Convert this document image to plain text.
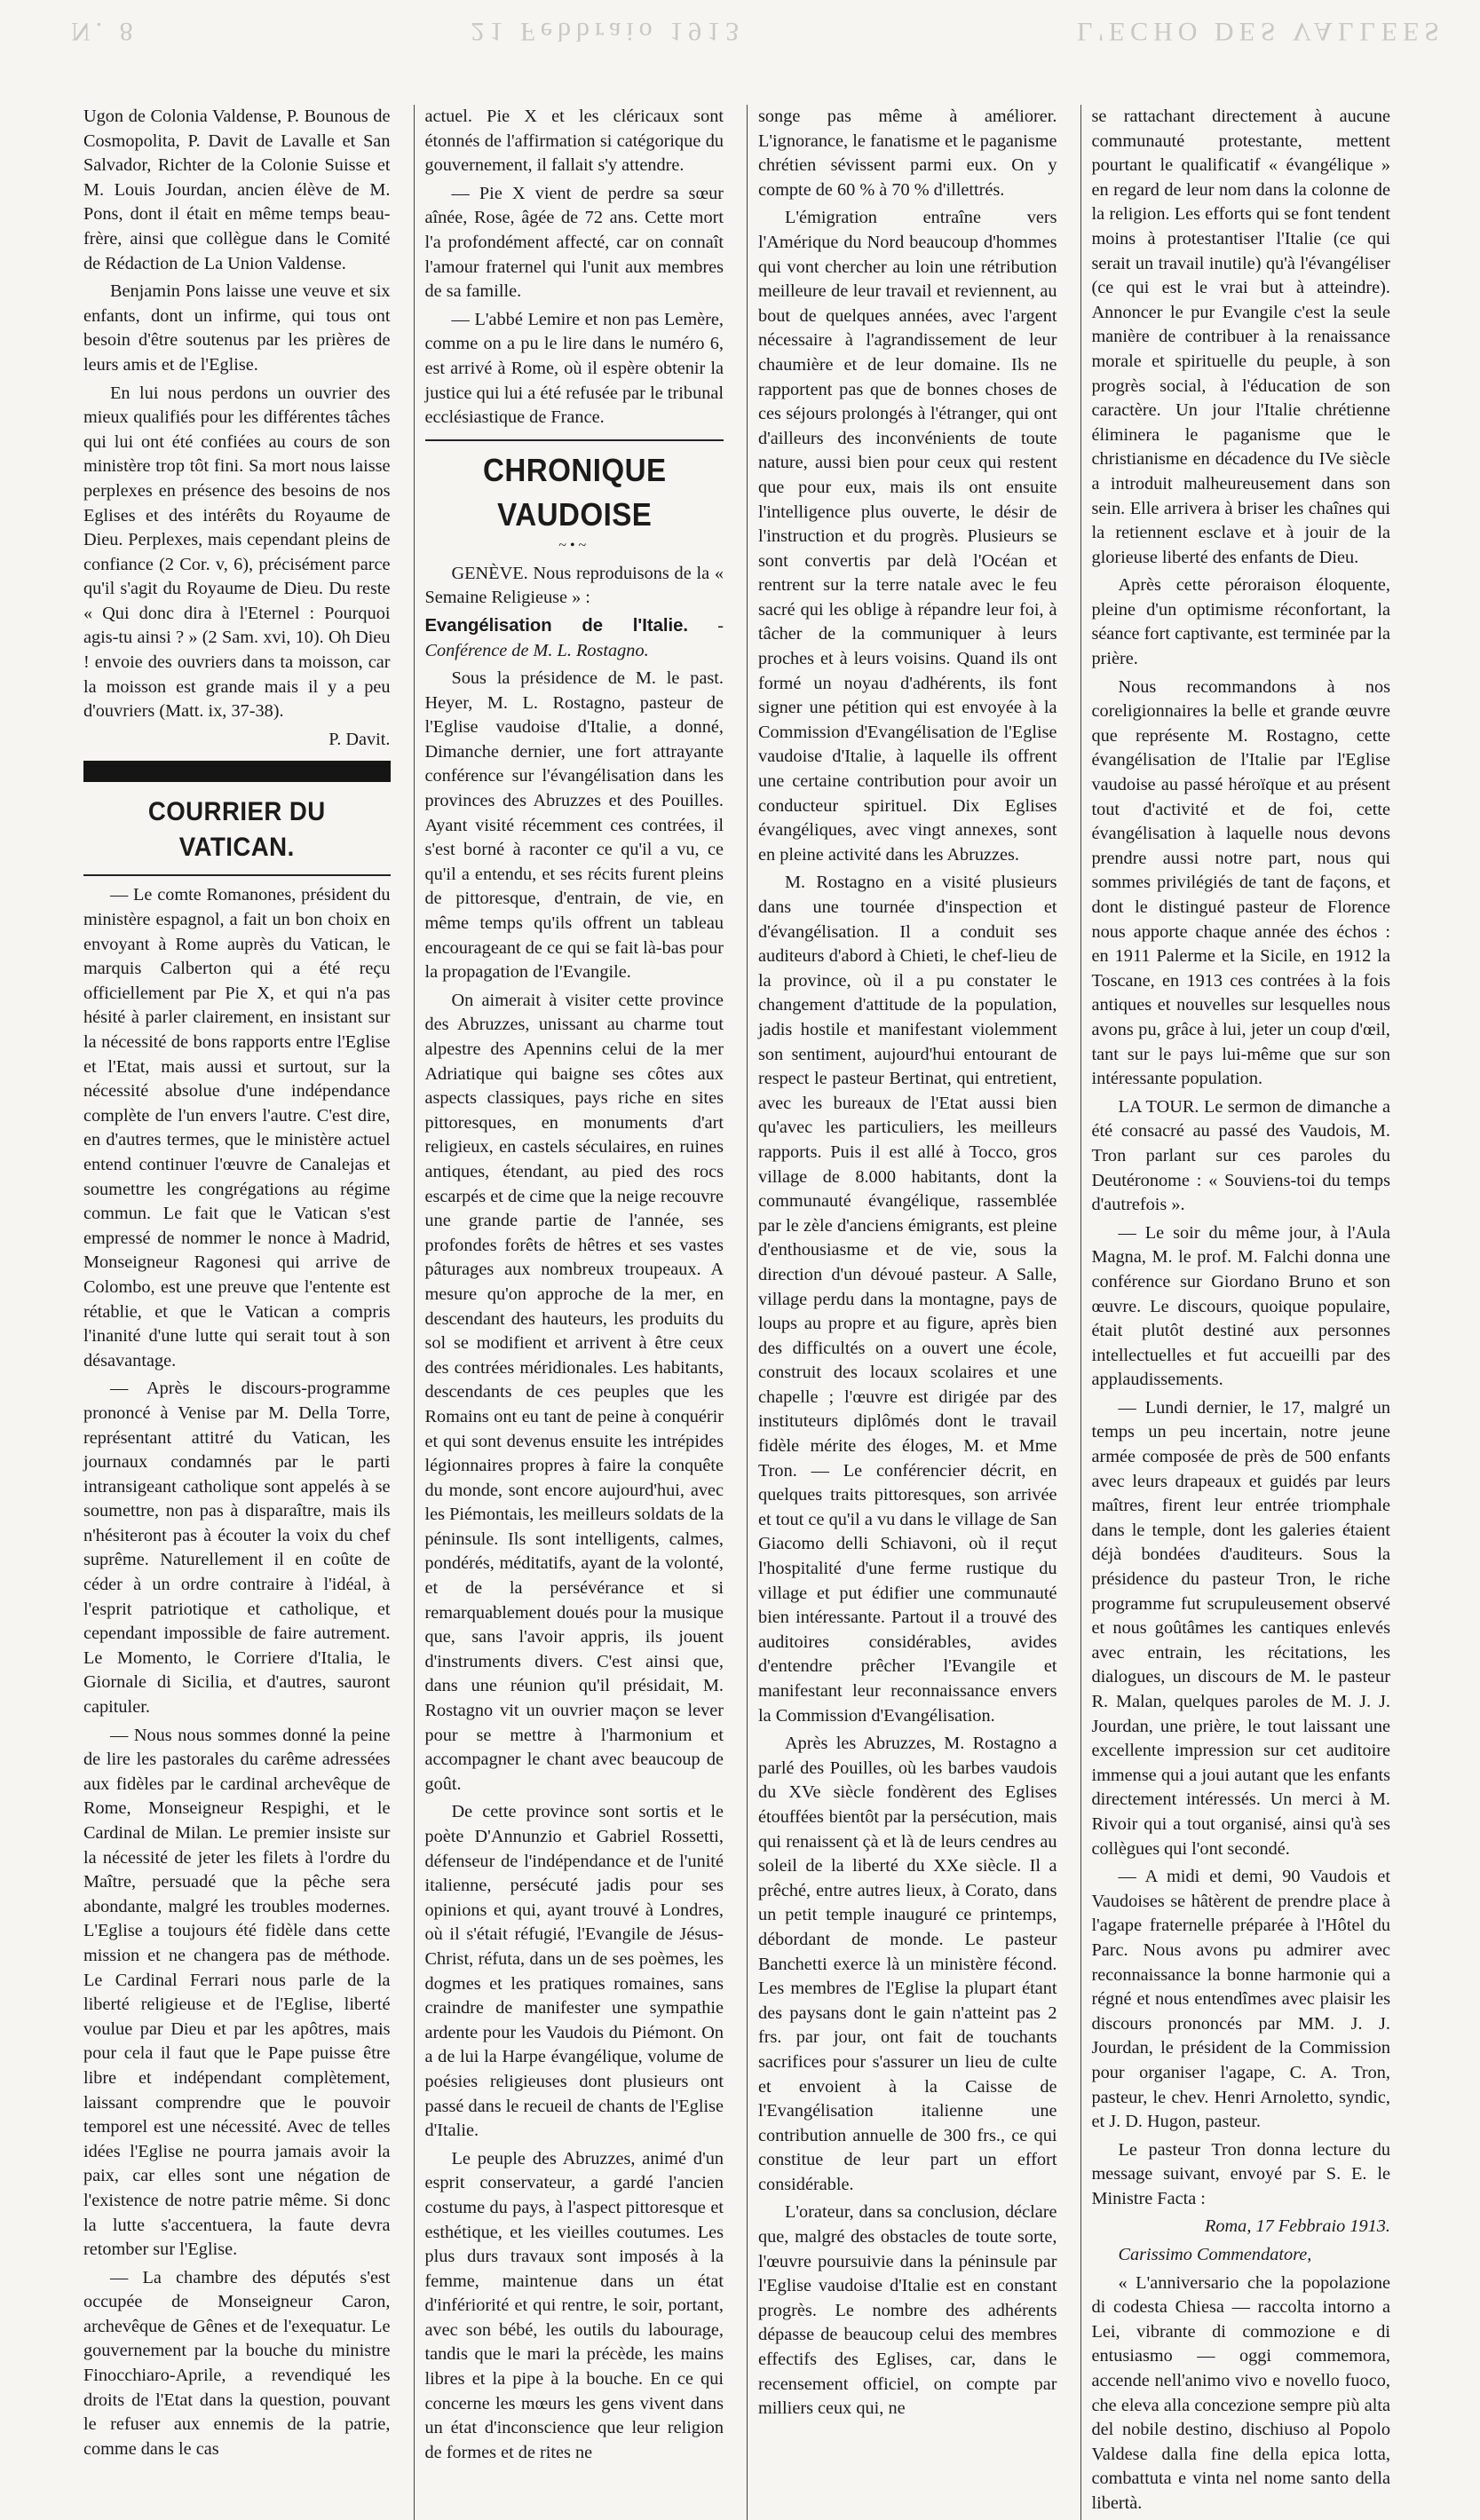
N. 8	21 Febbraio 1913	L'ECHO DES VALLEES

Ugon de Colonia Valdense, P. Bounous de Cosmopolita, P. Davit de Lavalle et San Salvador, Richter de la Colonie Suisse et M. Louis Jourdan, ancien élève de M. Pons, dont il était en même temps beau-frère, ainsi que collègue dans le Comité de Rédaction de La Union Valdense.

Benjamin Pons laisse une veuve et six enfants, dont un infirme, qui tous ont besoin d'être soutenus par les prières de leurs amis et de l'Eglise.

En lui nous perdons un ouvrier des mieux qualifiés pour les différentes tâches qui lui ont été confiées au cours de son ministère trop tôt fini. Sa mort nous laisse perplexes en présence des besoins de nos Eglises et des intérêts du Royaume de Dieu. Perplexes, mais cependant pleins de confiance (2 Cor. v, 6), précisément parce qu'il s'agit du Royaume de Dieu. Du reste « Qui donc dira à l'Eternel : Pourquoi agis-tu ainsi ? » (2 Sam. xvi, 10). Oh Dieu ! envoie des ouvriers dans ta moisson, car la moisson est grande mais il y a peu d'ouvriers (Matt. ix, 37-38).

P. Davit.
COURRIER DU VATICAN.

— Le comte Romanones, président du ministère espagnol, a fait un bon choix en envoyant à Rome auprès du Vatican, le marquis Calberton qui a été reçu officiellement par Pie X, et qui n'a pas hésité à parler clairement, en insistant sur la nécessité de bons rapports entre l'Eglise et l'Etat, mais aussi et surtout, sur la nécessité absolue d'une indépendance complète de l'un envers l'autre. C'est dire, en d'autres termes, que le ministère actuel entend continuer l'œuvre de Canalejas et soumettre les congrégations au régime commun. Le fait que le Vatican s'est empressé de nommer le nonce à Madrid, Monseigneur Ragonesi qui arrive de Colombo, est une preuve que l'entente est rétablie, et que le Vatican a compris l'inanité d'une lutte qui serait tout à son désavantage.

— Après le discours-programme prononcé à Venise par M. Della Torre, représentant attitré du Vatican, les journaux condamnés par le parti intransigeant catholique sont appelés à se soumettre, non pas à disparaître, mais ils n'hésiteront pas à écouter la voix du chef suprême. Naturellement il en coûte de céder à un ordre contraire à l'idéal, à l'esprit patriotique et catholique, et cependant impossible de faire autrement. Le Momento, le Corriere d'Italia, le Giornale di Sicilia, et d'autres, sauront capituler.

— Nous nous sommes donné la peine de lire les pastorales du carême adressées aux fidèles par le cardinal archevêque de Rome, Monseigneur Respighi, et le Cardinal de Milan. Le premier insiste sur la nécessité de jeter les filets à l'ordre du Maître, persuadé que la pêche sera abondante, malgré les troubles modernes. L'Eglise a toujours été fidèle dans cette mission et ne changera pas de méthode. Le Cardinal Ferrari nous parle de la liberté religieuse et de l'Eglise, liberté voulue par Dieu et par les apôtres, mais pour cela il faut que le Pape puisse être libre et indépendant complètement, laissant comprendre que le pouvoir temporel est une nécessité. Avec de telles idées l'Eglise ne pourra jamais avoir la paix, car elles sont une négation de l'existence de notre patrie même. Si donc la lutte s'accentuera, la faute devra retomber sur l'Eglise.

— La chambre des députés s'est occupée de Monseigneur Caron, archevêque de Gênes et de l'exequatur. Le gouvernement par la bouche du ministre Finocchiaro-Aprile, a revendiqué les droits de l'Etat dans la question, pouvant le refuser aux ennemis de la patrie, comme dans le cas

actuel. Pie X et les cléricaux sont étonnés de l'affirmation si catégorique du gouvernement, il fallait s'y attendre.

— Pie X vient de perdre sa sœur aînée, Rose, âgée de 72 ans. Cette mort l'a profondément affecté, car on connaît l'amour fraternel qui l'unit aux membres de sa famille.

— L'abbé Lemire et non pas Lemère, comme on a pu le lire dans le numéro 6, est arrivé à Rome, où il espère obtenir la justice qui lui a été refusée par le tribunal ecclésiastique de France.

CHRONIQUE VAUDOISE
~•~

GENÈVE. Nous reproduisons de la « Semaine Religieuse » :

Evangélisation de l'Italie. - Conférence de M. L. Rostagno.

Sous la présidence de M. le past. Heyer, M. L. Rostagno, pasteur de l'Eglise vaudoise d'Italie, a donné, Dimanche dernier, une fort attrayante conférence sur l'évangélisation dans les provinces des Abruzzes et des Pouilles. Ayant visité récemment ces contrées, il s'est borné à raconter ce qu'il a vu, ce qu'il a entendu, et ses récits furent pleins de pittoresque, d'entrain, de vie, en même temps qu'ils offrent un tableau encourageant de ce qui se fait là-bas pour la propagation de l'Evangile.

On aimerait à visiter cette province des Abruzzes, unissant au charme tout alpestre des Apennins celui de la mer Adriatique qui baigne ses côtes aux aspects classiques, pays riche en sites pittoresques, en monuments d'art religieux, en castels séculaires, en ruines antiques, étendant, au pied des rocs escarpés et de cime que la neige recouvre une grande partie de l'année, ses profondes forêts de hêtres et ses vastes pâturages aux nombreux troupeaux. A mesure qu'on approche de la mer, en descendant des hauteurs, les produits du sol se modifient et arrivent à être ceux des contrées méridionales. Les habitants, descendants de ces peuples que les Romains ont eu tant de peine à conquérir et qui sont devenus ensuite les intrépides légionnaires propres à faire la conquête du monde, sont encore aujourd'hui, avec les Piémontais, les meilleurs soldats de la péninsule. Ils sont intelligents, calmes, pondérés, méditatifs, ayant de la volonté, et de la persévérance et si remarquablement doués pour la musique que, sans l'avoir appris, ils jouent d'instruments divers. C'est ainsi que, dans une réunion qu'il présidait, M. Rostagno vit un ouvrier maçon se lever pour se mettre à l'harmonium et accompagner le chant avec beaucoup de goût.

De cette province sont sortis et le poète D'Annunzio et Gabriel Rossetti, défenseur de l'indépendance et de l'unité italienne, persécuté jadis pour ses opinions et qui, ayant trouvé à Londres, où il s'était réfugié, l'Evangile de Jésus-Christ, réfuta, dans un de ses poèmes, les dogmes et les pratiques romaines, sans craindre de manifester une sympathie ardente pour les Vaudois du Piémont. On a de lui la Harpe évangélique, volume de poésies religieuses dont plusieurs ont passé dans le recueil de chants de l'Eglise d'Italie.

Le peuple des Abruzzes, animé d'un esprit conservateur, a gardé l'ancien costume du pays, à l'aspect pittoresque et esthétique, et les vieilles coutumes. Les plus durs travaux sont imposés à la femme, maintenue dans un état d'infériorité et qui rentre, le soir, portant, avec son bébé, les outils du labourage, tandis que le mari la précède, les mains libres et la pipe à la bouche. En ce qui concerne les mœurs les gens vivent dans un état d'inconscience que leur religion de formes et de rites ne

songe pas même à améliorer. L'ignorance, le fanatisme et le paganisme chrétien sévissent parmi eux. On y compte de 60 % à 70 % d'illettrés.

L'émigration entraîne vers l'Amérique du Nord beaucoup d'hommes qui vont chercher au loin une rétribution meilleure de leur travail et reviennent, au bout de quelques années, avec l'argent nécessaire à l'agrandissement de leur chaumière et de leur domaine. Ils ne rapportent pas que de bonnes choses de ces séjours prolongés à l'étranger, qui ont d'ailleurs des inconvénients de toute nature, aussi bien pour ceux qui restent que pour eux, mais ils ont ensuite l'intelligence plus ouverte, le désir de l'instruction et du progrès. Plusieurs se sont convertis par delà l'Océan et rentrent sur la terre natale avec le feu sacré qui les oblige à répandre leur foi, à tâcher de la communiquer à leurs proches et à leurs voisins. Quand ils ont formé un noyau d'adhérents, ils font signer une pétition qui est envoyée à la Commission d'Evangélisation de l'Eglise vaudoise d'Italie, à laquelle ils offrent une certaine contribution pour avoir un conducteur spirituel. Dix Eglises évangéliques, avec vingt annexes, sont en pleine activité dans les Abruzzes.

M. Rostagno en a visité plusieurs dans une tournée d'inspection et d'évangélisation. Il a conduit ses auditeurs d'abord à Chieti, le chef-lieu de la province, où il a pu constater le changement d'attitude de la population, jadis hostile et manifestant violemment son sentiment, aujourd'hui entourant de respect le pasteur Bertinat, qui entretient, avec les bureaux de l'Etat aussi bien qu'avec les particuliers, les meilleurs rapports. Puis il est allé à Tocco, gros village de 8.000 habitants, dont la communauté évangélique, rassemblée par le zèle d'anciens émigrants, est pleine d'enthousiasme et de vie, sous la direction d'un dévoué pasteur. A Salle, village perdu dans la montagne, pays de loups au propre et au figure, après bien des difficultés on a ouvert une école, construit des locaux scolaires et une chapelle ; l'œuvre est dirigée par des instituteurs diplômés dont le travail fidèle mérite des éloges, M. et Mme Tron. — Le conférencier décrit, en quelques traits pittoresques, son arrivée et tout ce qu'il a vu dans le village de San Giacomo delli Schiavoni, où il reçut l'hospitalité d'une ferme rustique du village et put édifier une communauté bien intéressante. Partout il a trouvé des auditoires considérables, avides d'entendre prêcher l'Evangile et manifestant leur reconnaissance envers la Commission d'Evangélisation.

Après les Abruzzes, M. Rostagno a parlé des Pouilles, où les barbes vaudois du XVe siècle fondèrent des Eglises étouffées bientôt par la persécution, mais qui renaissent çà et là de leurs cendres au soleil de la liberté du XXe siècle. Il a prêché, entre autres lieux, à Corato, dans un petit temple inauguré ce printemps, débordant de monde. Le pasteur Banchetti exerce là un ministère fécond. Les membres de l'Eglise la plupart étant des paysans dont le gain n'atteint pas 2 frs. par jour, ont fait de touchants sacrifices pour s'assurer un lieu de culte et envoient à la Caisse de l'Evangélisation italienne une contribution annuelle de 300 frs., ce qui constitue de leur part un effort considérable.

L'orateur, dans sa conclusion, déclare que, malgré des obstacles de toute sorte, l'œuvre poursuivie dans la péninsule par l'Eglise vaudoise d'Italie est en constant progrès. Le nombre des adhérents dépasse de beaucoup celui des membres effectifs des Eglises, car, dans le recensement officiel, on compte par milliers ceux qui, ne

se rattachant directement à aucune communauté protestante, mettent pourtant le qualificatif « évangélique » en regard de leur nom dans la colonne de la religion. Les efforts qui se font tendent moins à protestantiser l'Italie (ce qui serait un travail inutile) qu'à l'évangéliser (ce qui est le vrai but à atteindre). Annoncer le pur Evangile c'est la seule manière de contribuer à la renaissance morale et spirituelle du peuple, à son progrès social, à l'éducation de son caractère. Un jour l'Italie chrétienne éliminera le paganisme que le christianisme en décadence du IVe siècle a introduit malheureusement dans son sein. Elle arrivera à briser les chaînes qui la retiennent esclave et à jouir de la glorieuse liberté des enfants de Dieu.

Après cette péroraison éloquente, pleine d'un optimisme réconfortant, la séance fort captivante, est terminée par la prière.

Nous recommandons à nos coreligionnaires la belle et grande œuvre que représente M. Rostagno, cette évangélisation de l'Italie par l'Eglise vaudoise au passé héroïque et au présent tout d'activité et de foi, cette évangélisation à laquelle nous devons prendre aussi notre part, nous qui sommes privilégiés de tant de façons, et dont le distingué pasteur de Florence nous apporte chaque année des échos : en 1911 Palerme et la Sicile, en 1912 la Toscane, en 1913 ces contrées à la fois antiques et nouvelles sur lesquelles nous avons pu, grâce à lui, jeter un coup d'œil, tant sur le pays lui-même que sur son intéressante population.

LA TOUR. Le sermon de dimanche a été consacré au passé des Vaudois, M. Tron parlant sur ces paroles du Deutéronome : « Souviens-toi du temps d'autrefois ».

— Le soir du même jour, à l'Aula Magna, M. le prof. M. Falchi donna une conférence sur Giordano Bruno et son œuvre. Le discours, quoique populaire, était plutôt destiné aux personnes intellectuelles et fut accueilli par des applaudissements.

— Lundi dernier, le 17, malgré un temps un peu incertain, notre jeune armée composée de près de 500 enfants avec leurs drapeaux et guidés par leurs maîtres, firent leur entrée triomphale dans le temple, dont les galeries étaient déjà bondées d'auditeurs. Sous la présidence du pasteur Tron, le riche programme fut scrupuleusement observé et nous goûtâmes les cantiques enlevés avec entrain, les récitations, les dialogues, un discours de M. le pasteur R. Malan, quelques paroles de M. J. J. Jourdan, une prière, le tout laissant une excellente impression sur cet auditoire immense qui a joui autant que les enfants directement intéressés. Un merci à M. Rivoir qui a tout organisé, ainsi qu'à ses collègues qui l'ont secondé.

— A midi et demi, 90 Vaudois et Vaudoises se hâtèrent de prendre place à l'agape fraternelle préparée à l'Hôtel du Parc. Nous avons pu admirer avec reconnaissance la bonne harmonie qui a régné et nous entendîmes avec plaisir les discours prononcés par MM. J. J. Jourdan, le président de la Commission pour organiser l'agape, C. A. Tron, pasteur, le chev. Henri Arnoletto, syndic, et J. D. Hugon, pasteur.

Le pasteur Tron donna lecture du message suivant, envoyé par S. E. le Ministre Facta :

Roma, 17 Febbraio 1913.

Carissimo Commendatore,

« L'anniversario che la popolazione di codesta Chiesa — raccolta intorno a Lei, vibrante di commozione e di entusiasmo — oggi commemora, accende nell'animo vivo e novello fuoco, che eleva alla concezione sempre più alta del nobile destino, dischiuso al Popolo Valdese dalla fine della epica lotta, combattuta e vinta nel nome santo della libertà.
